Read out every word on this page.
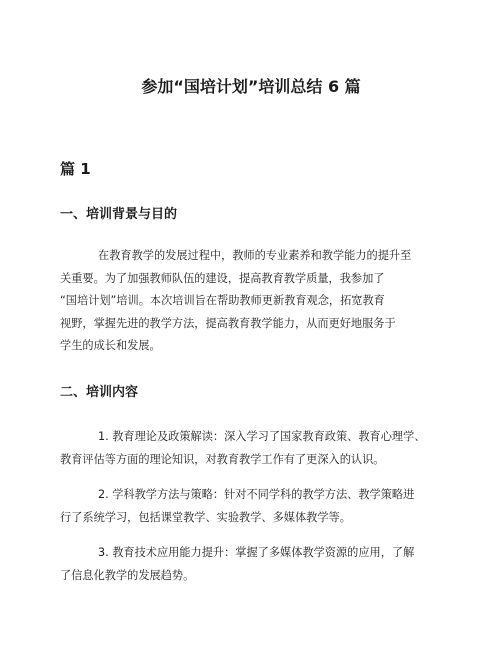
参加“国培计划”培训总结 6 篇
篇 1
一、培训背景与目的

在教育教学的发展过程中，教师的专业素养和教学能力的提升至
关重要。为了加强教师队伍的建设，提高教育教学质量，我参加了
“国培计划”培训。本次培训旨在帮助教师更新教育观念，拓宽教育
视野，掌握先进的教学方法，提高教育教学能力，从而更好地服务于
学生的成长和发展。

二、培训内容

1. 教育理论及政策解读：深入学习了国家教育政策、教育心理学、
教育评估等方面的理论知识，对教育教学工作有了更深入的认识。

2. 学科教学方法与策略：针对不同学科的教学方法、教学策略进
行了系统学习，包括课堂教学、实验教学、多媒体教学等。

3. 教育技术应用能力提升：掌握了多媒体教学资源的应用，了解
了信息化教学的发展趋势。
